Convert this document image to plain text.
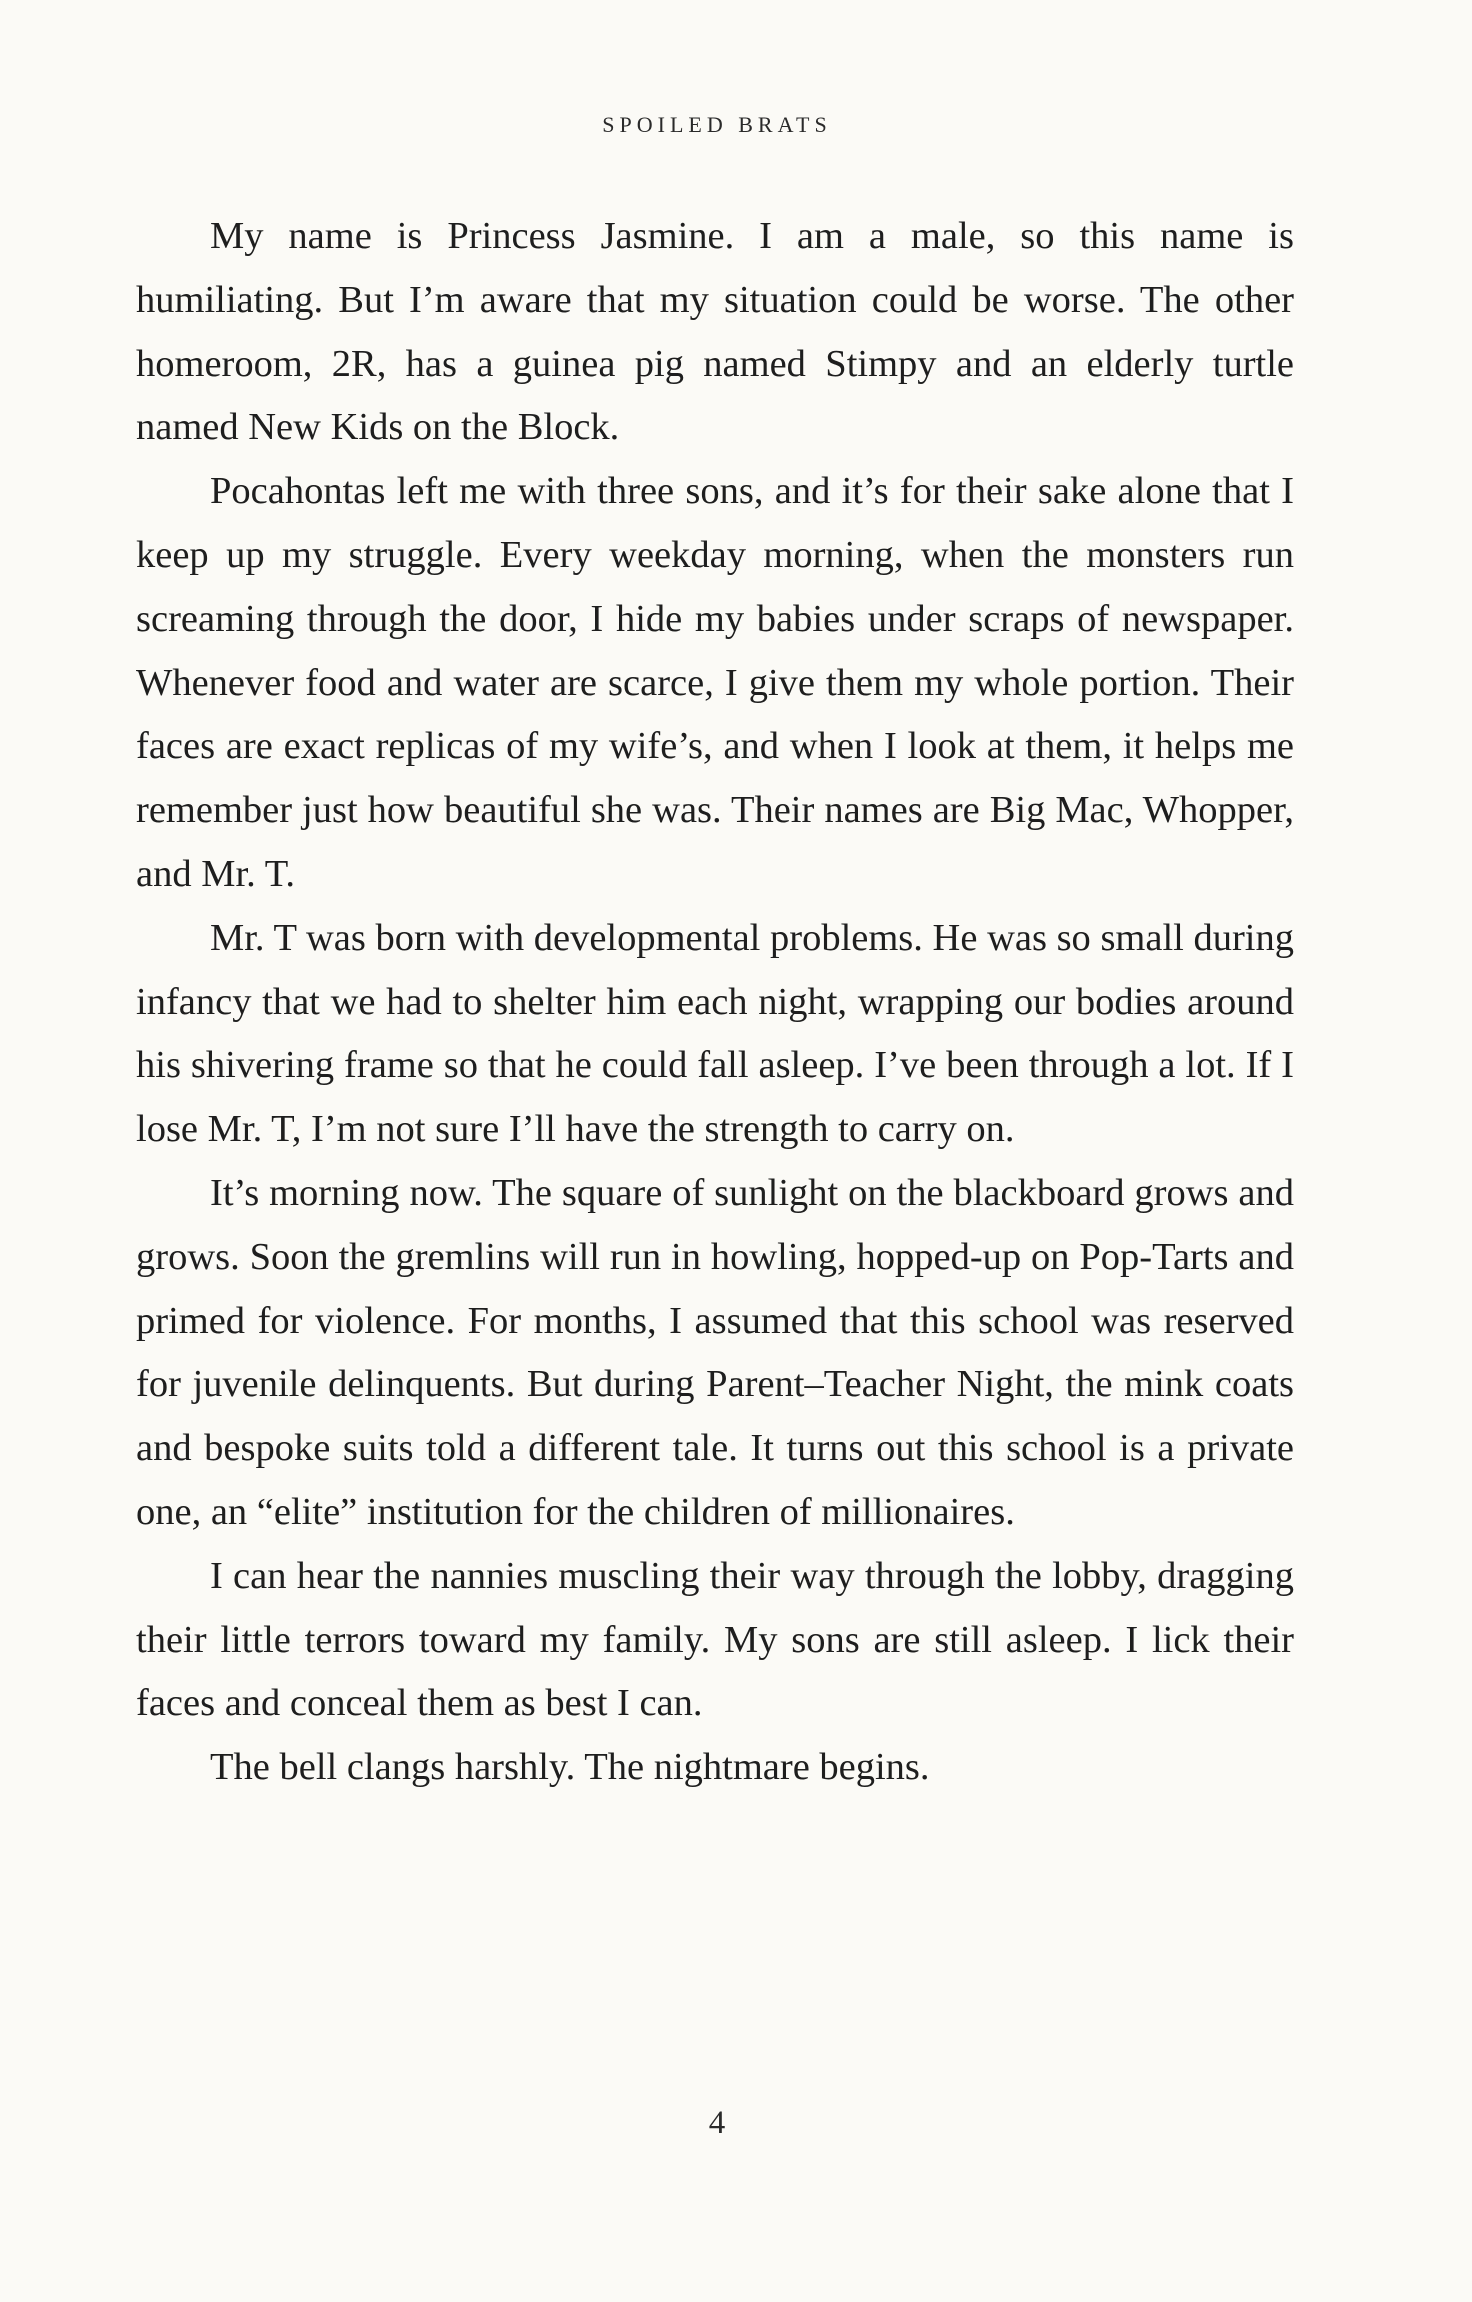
SPOILED BRATS

My name is Princess Jasmine. I am a male, so this name is humiliating. But I’m aware that my situation could be worse. The other homeroom, 2R, has a guinea pig named Stimpy and an elderly turtle named New Kids on the Block.

Pocahontas left me with three sons, and it’s for their sake alone that I keep up my struggle. Every weekday morning, when the monsters run screaming through the door, I hide my babies under scraps of newspaper. Whenever food and water are scarce, I give them my whole portion. Their faces are exact replicas of my wife’s, and when I look at them, it helps me remember just how beautiful she was. Their names are Big Mac, Whopper, and Mr. T.

Mr. T was born with developmental problems. He was so small during infancy that we had to shelter him each night, wrapping our bodies around his shivering frame so that he could fall asleep. I’ve been through a lot. If I lose Mr. T, I’m not sure I’ll have the strength to carry on.

It’s morning now. The square of sunlight on the blackboard grows and grows. Soon the gremlins will run in howling, hopped-up on Pop-Tarts and primed for violence. For months, I assumed that this school was reserved for juvenile delinquents. But during Parent–Teacher Night, the mink coats and bespoke suits told a different tale. It turns out this school is a private one, an “elite” institution for the children of millionaires.

I can hear the nannies muscling their way through the lobby, dragging their little terrors toward my family. My sons are still asleep. I lick their faces and conceal them as best I can.

The bell clangs harshly. The nightmare begins.

4
